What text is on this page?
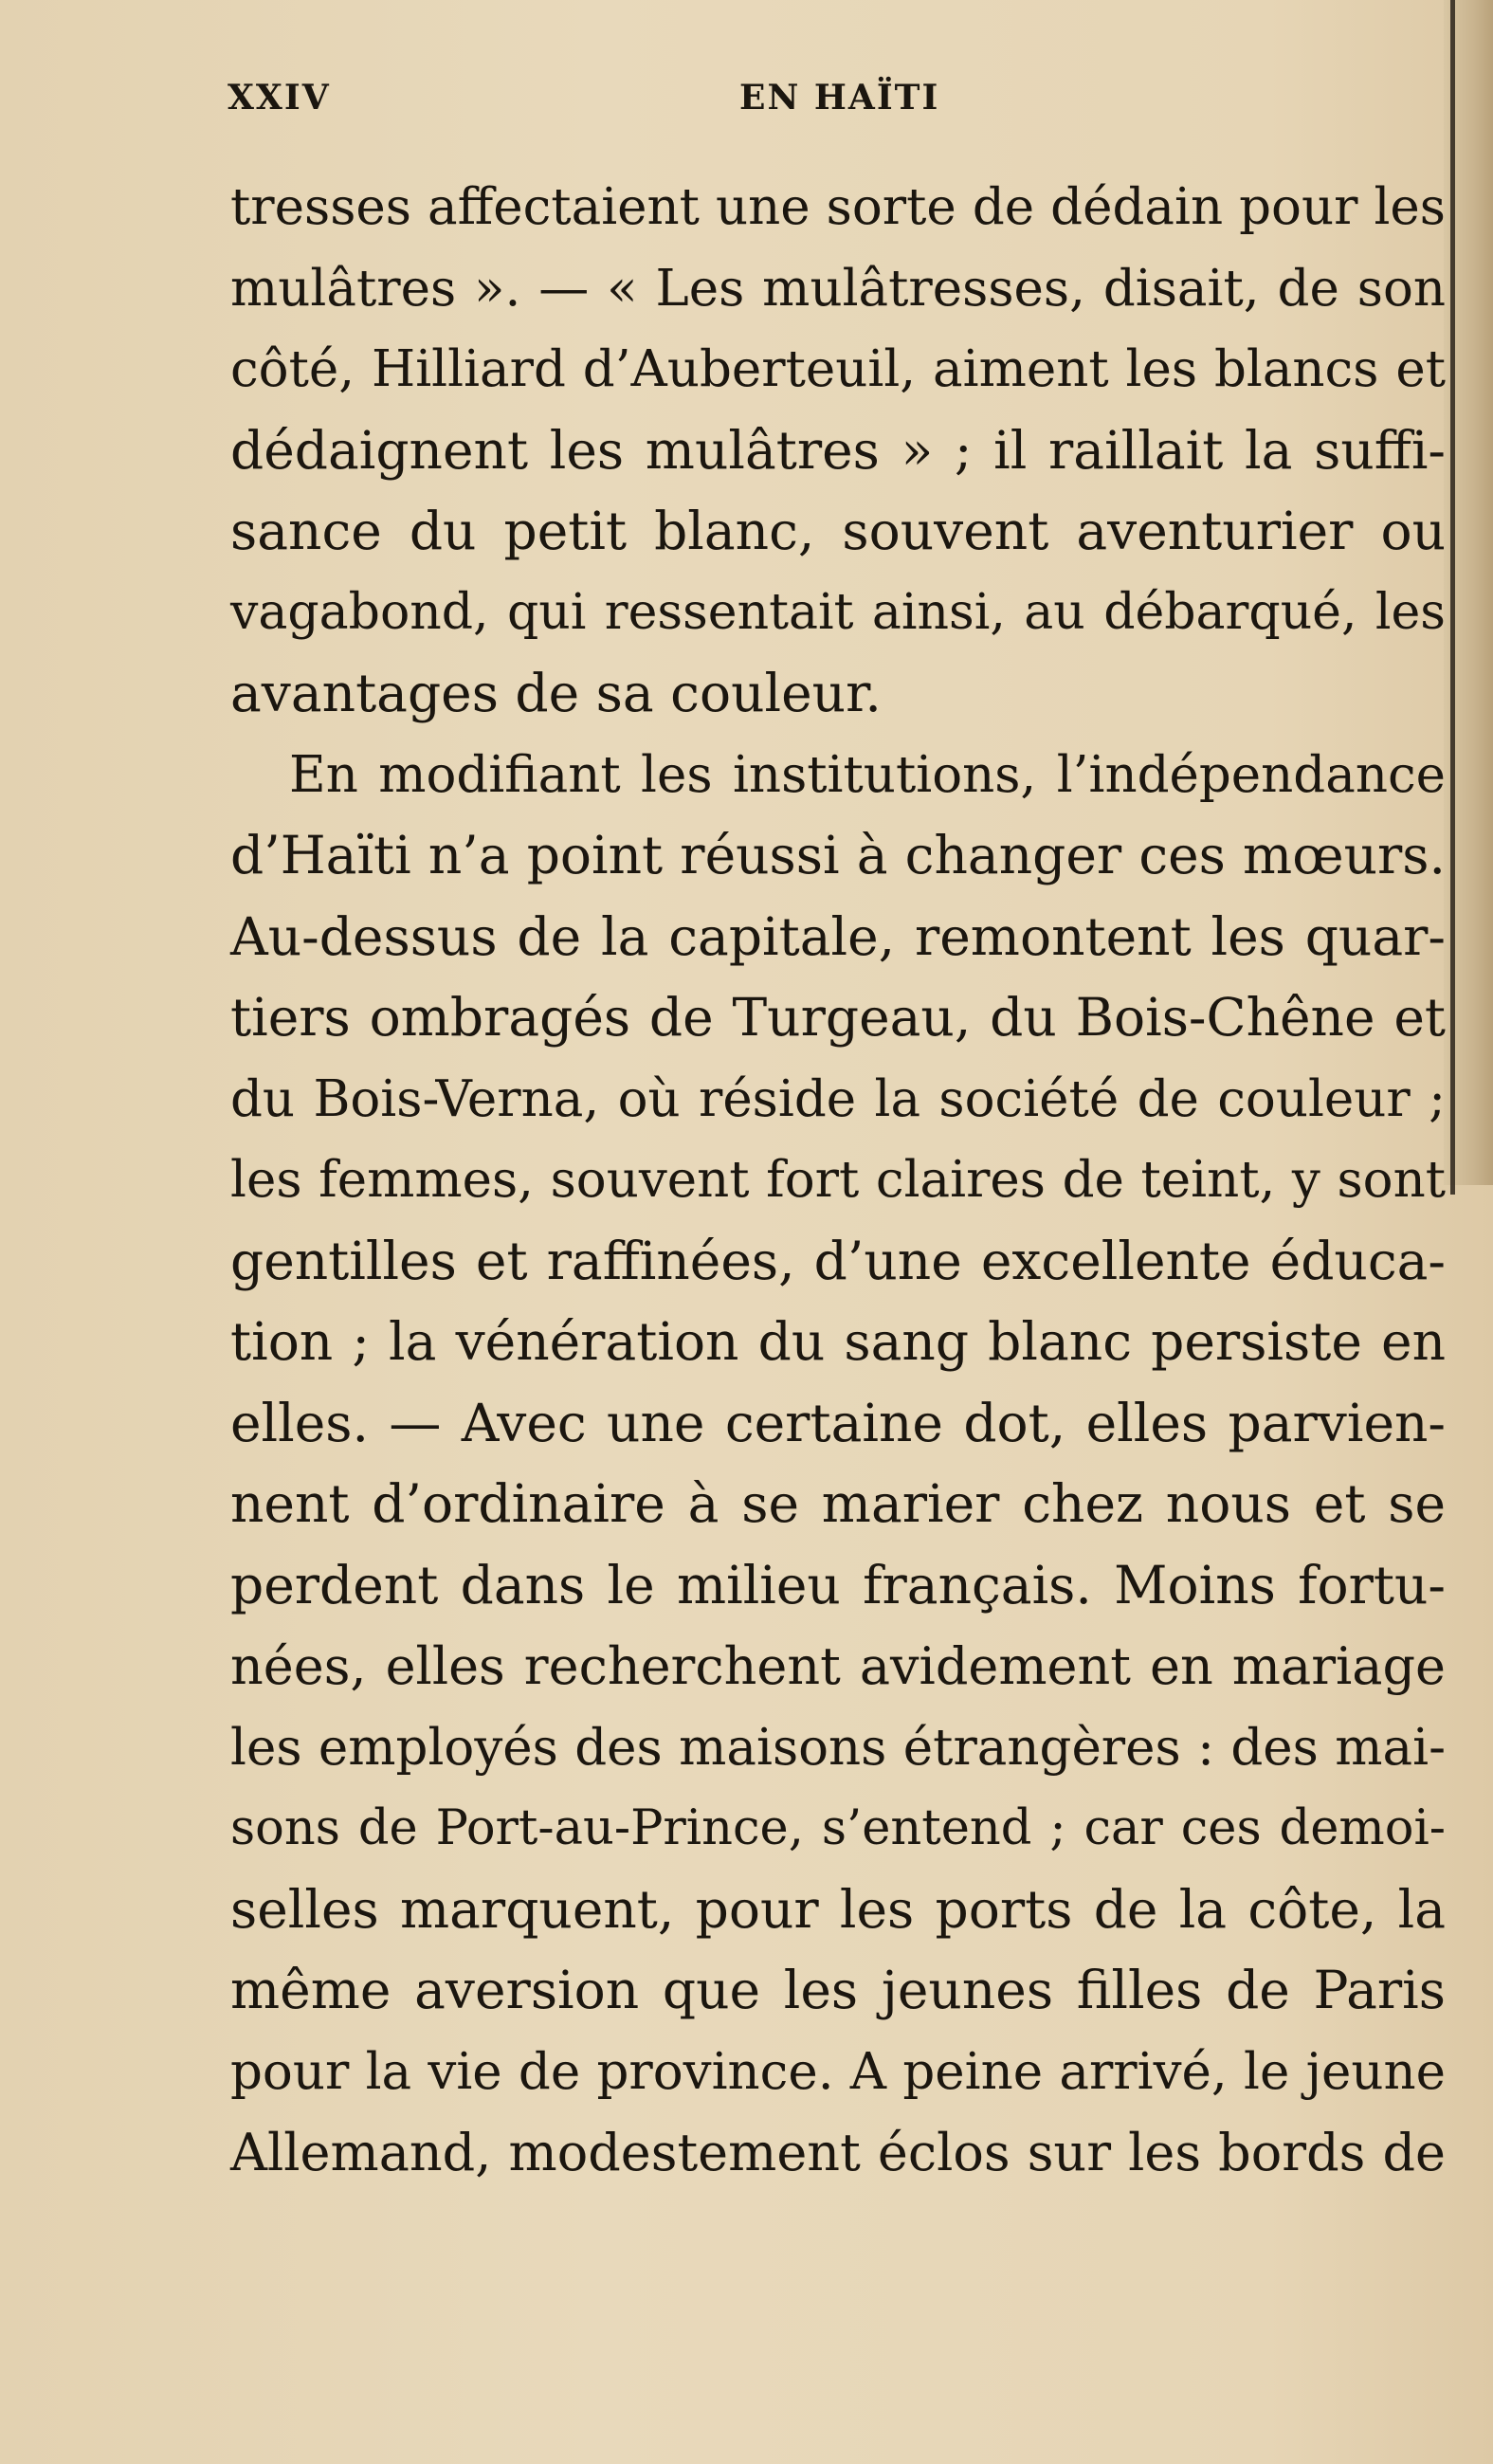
XXIV	EN HAÏTI
tresses affectaient une sorte de dédain pour les
mulâtres ». — « Les mulâtresses, disait, de son
côté, Hilliard d’Auberteuil, aiment les blancs et
dédaignent les mulâtres » ; il raillait la suffi-
sance du petit blanc, souvent aventurier ou
vagabond, qui ressentait ainsi, au débarqué, les
avantages de sa couleur.
En modifiant les institutions, l’indépendance
d’Haïti n’a point réussi à changer ces mœurs.
Au-dessus de la capitale, remontent les quar-
tiers ombragés de Turgeau, du Bois-Chêne et
du Bois-Verna, où réside la société de couleur ;
les femmes, souvent fort claires de teint, y sont
gentilles et raffinées, d’une excellente éduca-
tion ; la vénération du sang blanc persiste en
elles. — Avec une certaine dot, elles parvien-
nent d’ordinaire à se marier chez nous et se
perdent dans le milieu français. Moins fortu-
nées, elles recherchent avidement en mariage
les employés des maisons étrangères : des mai-
sons de Port-au-Prince, s’entend ; car ces demoi-
selles marquent, pour les ports de la côte, la
même aversion que les jeunes filles de Paris
pour la vie de province. A peine arrivé, le jeune
Allemand, modestement éclos sur les bords de
